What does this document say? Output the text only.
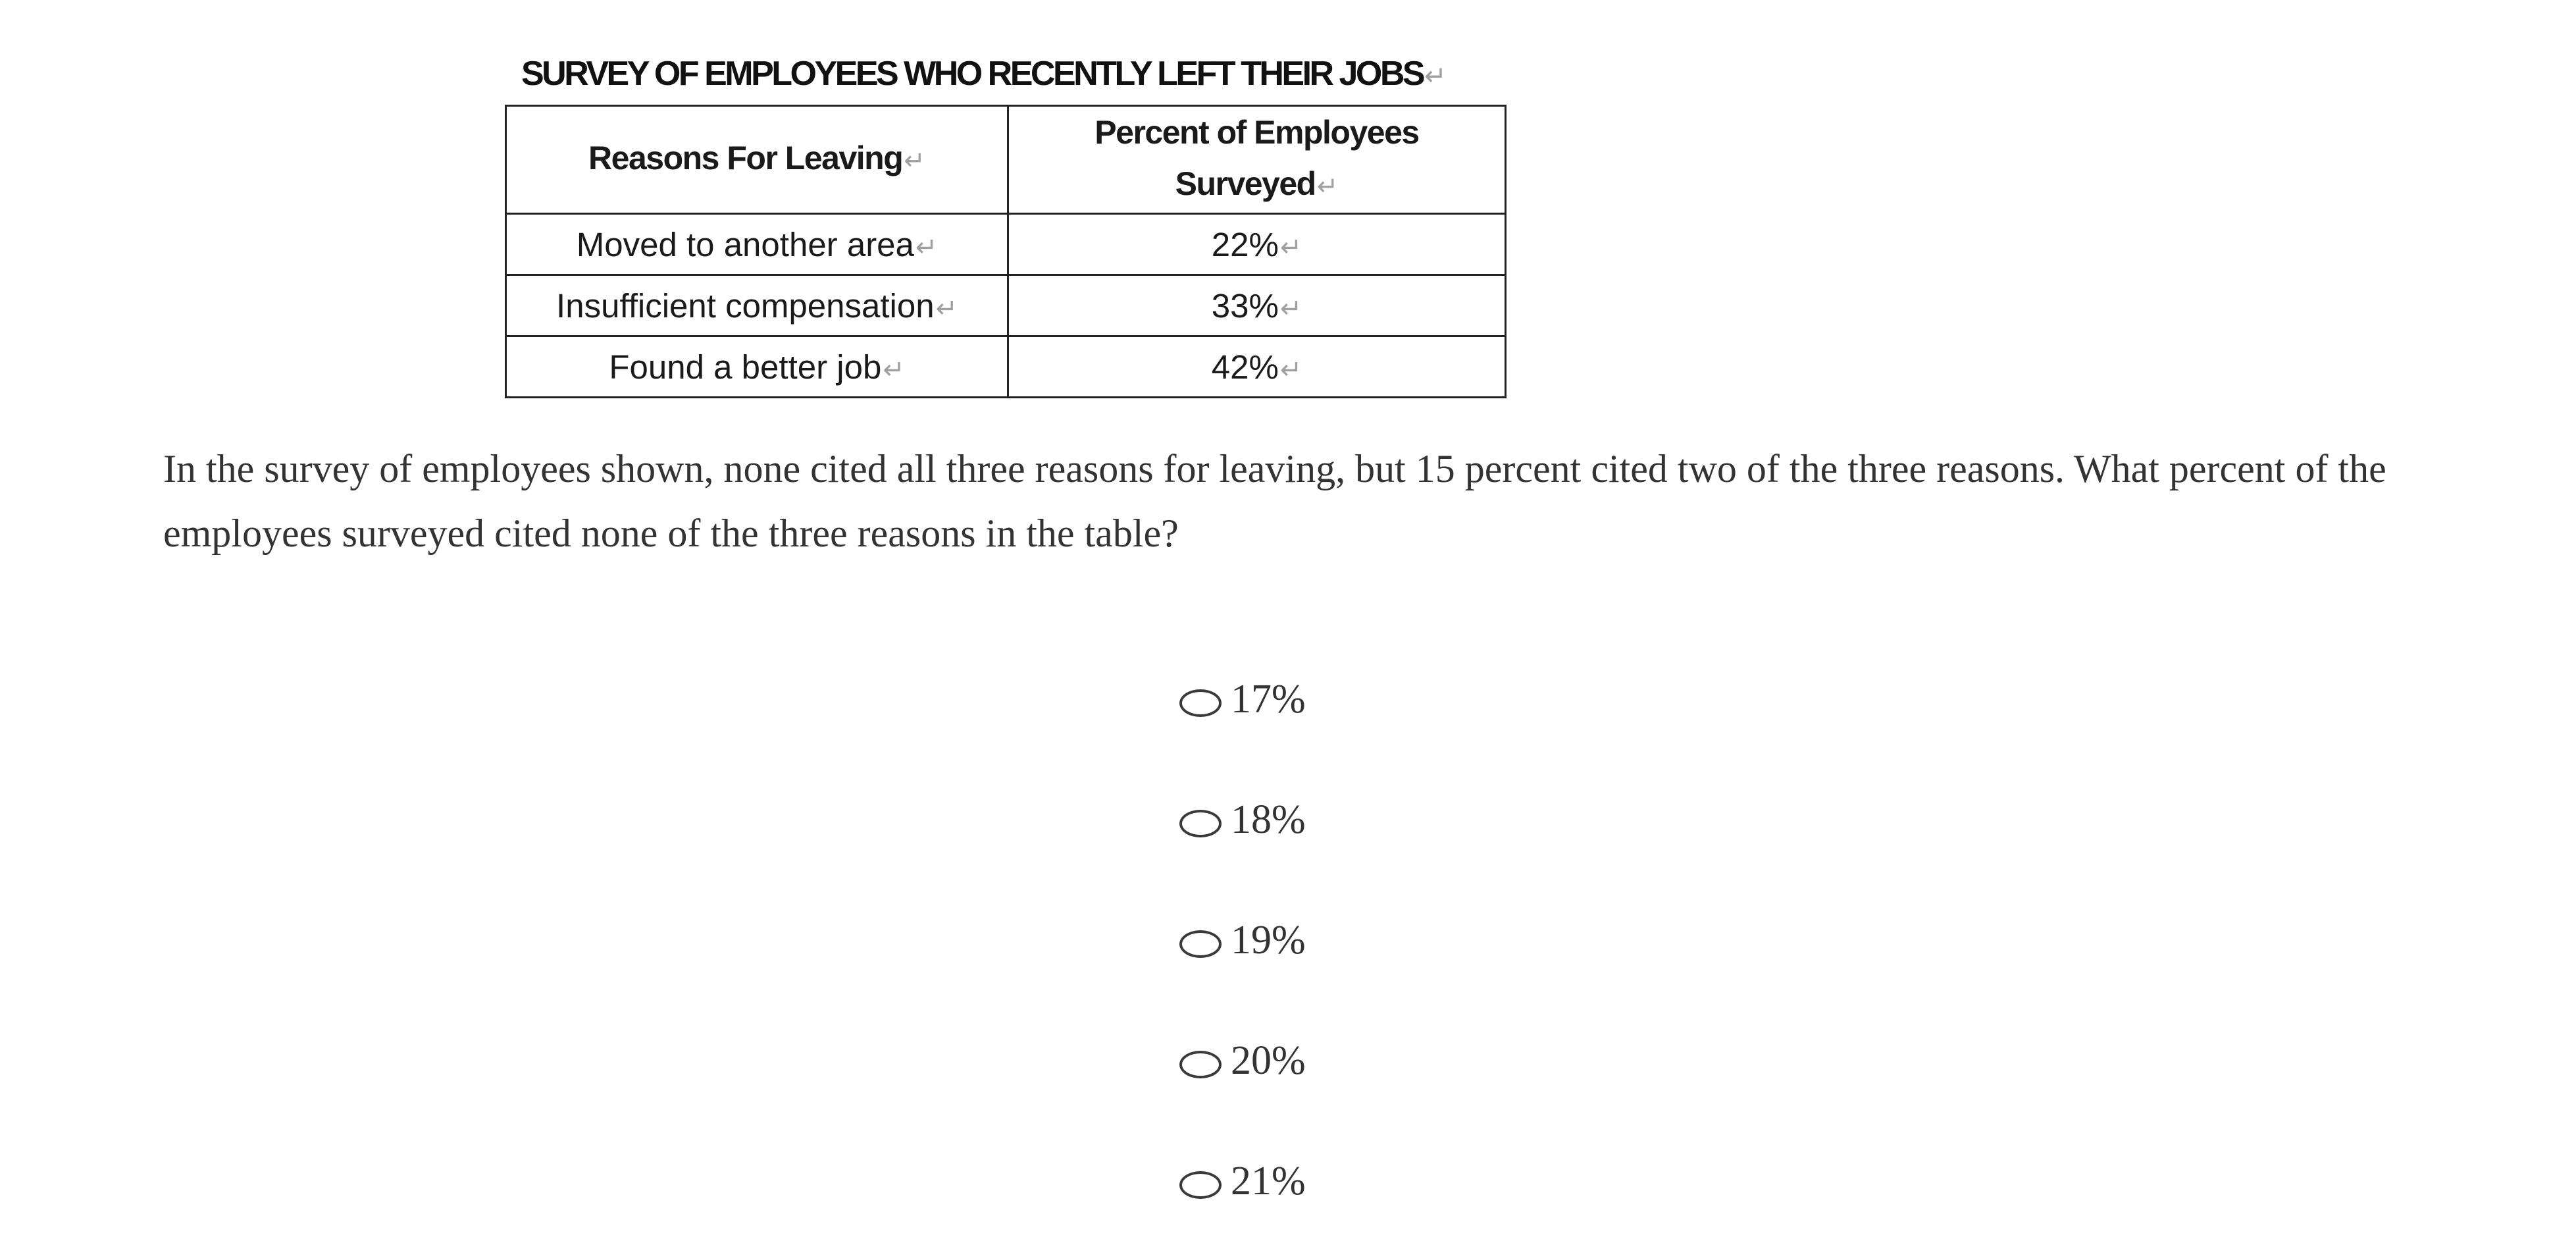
SURVEY OF EMPLOYEES WHO RECENTLY LEFT THEIR JOBS↵
Reasons For Leaving↵	Percent of Employees
Surveyed↵
Moved to another area↵	22%↵
Insufficient compensation↵	33%↵
Found a better job↵	42%↵
In the survey of employees shown, none cited all three reasons for leaving, but 15 percent cited two of the three reasons. What percent of the employees surveyed cited none of the three reasons in the table?
17%
18%
19%
20%
21%
